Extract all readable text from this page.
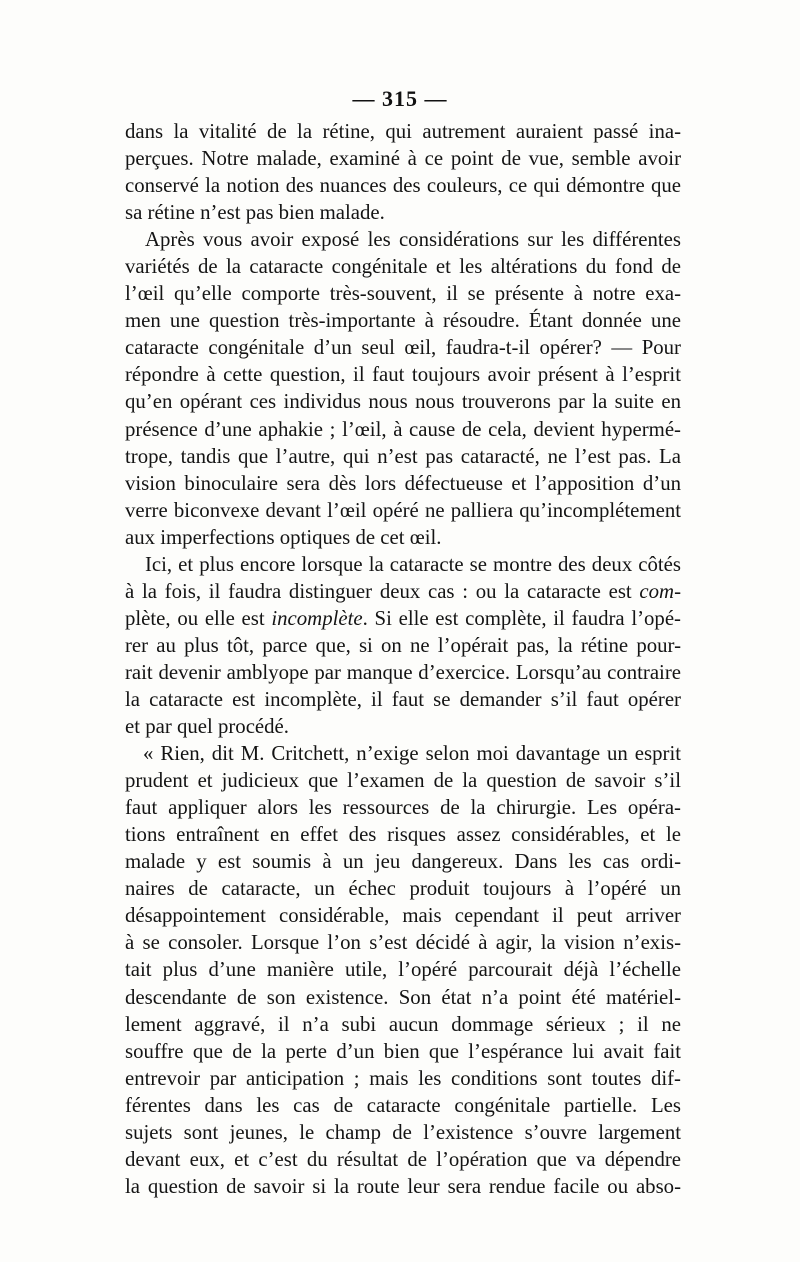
— 315 —
dans la vitalité de la rétine, qui autrement auraient passé ina-
perçues. Notre malade, examiné à ce point de vue, semble avoir
conservé la notion des nuances des couleurs, ce qui démontre que
sa rétine n’est pas bien malade.
Après vous avoir exposé les considérations sur les différentes
variétés de la cataracte congénitale et les altérations du fond de
l’œil qu’elle comporte très-souvent, il se présente à notre exa-
men une question très-importante à résoudre. Étant donnée une
cataracte congénitale d’un seul œil, faudra-t-il opérer? — Pour
répondre à cette question, il faut toujours avoir présent à l’esprit
qu’en opérant ces individus nous nous trouverons par la suite en
présence d’une aphakie ; l’œil, à cause de cela, devient hypermé-
trope, tandis que l’autre, qui n’est pas cataracté, ne l’est pas. La
vision binoculaire sera dès lors défectueuse et l’apposition d’un
verre biconvexe devant l’œil opéré ne palliera qu’incomplétement
aux imperfections optiques de cet œil.
Ici, et plus encore lorsque la cataracte se montre des deux côtés
à la fois, il faudra distinguer deux cas : ou la cataracte est com-
plète, ou elle est incomplète. Si elle est complète, il faudra l’opé-
rer au plus tôt, parce que, si on ne l’opérait pas, la rétine pour-
rait devenir amblyope par manque d’exercice. Lorsqu’au contraire
la cataracte est incomplète, il faut se demander s’il faut opérer
et par quel procédé.
« Rien, dit M. Critchett, n’exige selon moi davantage un esprit
prudent et judicieux que l’examen de la question de savoir s’il
faut appliquer alors les ressources de la chirurgie. Les opéra-
tions entraînent en effet des risques assez considérables, et le
malade y est soumis à un jeu dangereux. Dans les cas ordi-
naires de cataracte, un échec produit toujours à l’opéré un
désappointement considérable, mais cependant il peut arriver
à se consoler. Lorsque l’on s’est décidé à agir, la vision n’exis-
tait plus d’une manière utile, l’opéré parcourait déjà l’échelle
descendante de son existence. Son état n’a point été matériel-
lement aggravé, il n’a subi aucun dommage sérieux ; il ne
souffre que de la perte d’un bien que l’espérance lui avait fait
entrevoir par anticipation ; mais les conditions sont toutes dif-
férentes dans les cas de cataracte congénitale partielle. Les
sujets sont jeunes, le champ de l’existence s’ouvre largement
devant eux, et c’est du résultat de l’opération que va dépendre
la question de savoir si la route leur sera rendue facile ou abso-
